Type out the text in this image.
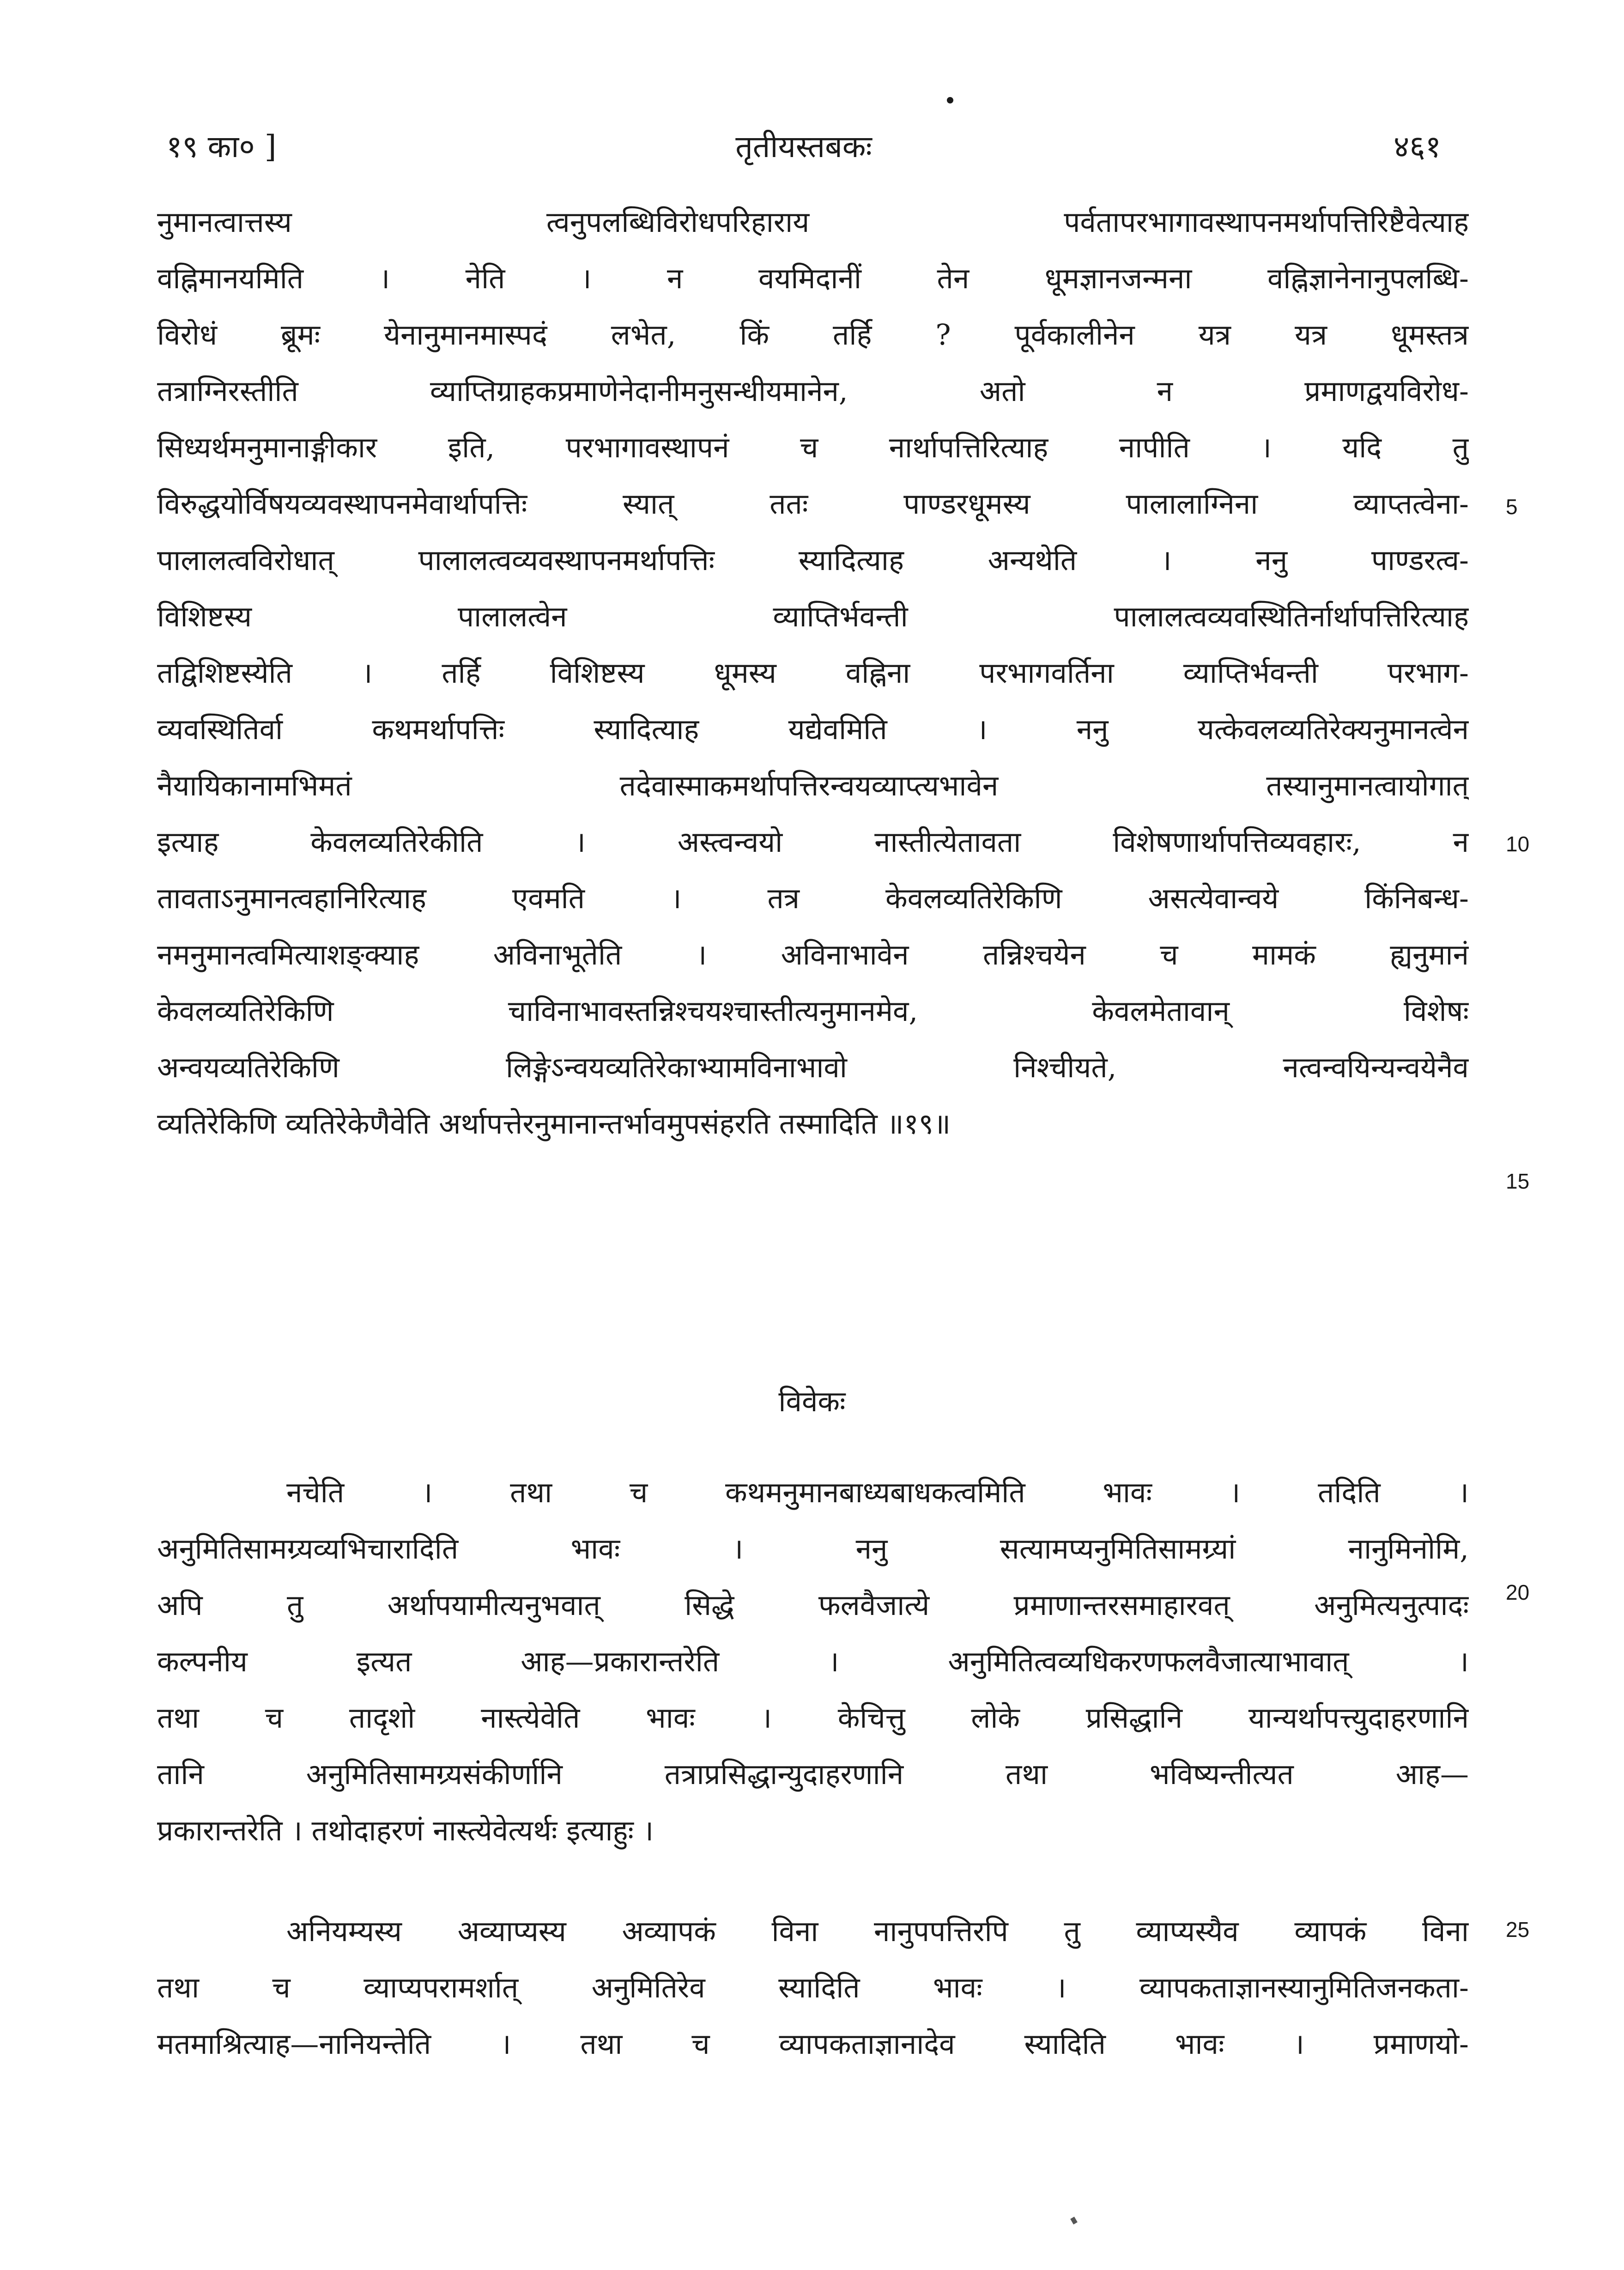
१९ का० ]	तृतीयस्तबकः	४६१
नुमानत्वात्तस्य त्वनुपलब्धिविरोधपरिहाराय पर्वतापरभागावस्थापनमर्थापत्तिरिष्टैवेत्याह
वह्निमानयमिति । नेति । न वयमिदानीं तेन धूमज्ञानजन्मना वह्निज्ञानेनानुपलब्धि-
विरोधं ब्रूमः येनानुमानमास्पदं लभेत, किं तर्हि ? पूर्वकालीनेन यत्र यत्र धूमस्तत्र
तत्राग्निरस्तीति व्याप्तिग्राहकप्रमाणेनेदानीमनुसन्धीयमानेन, अतो न प्रमाणद्वयविरोध-
सिध्यर्थमनुमानाङ्गीकार इति, परभागावस्थापनं च नार्थापत्तिरित्याह नापीति । यदि तु
विरुद्धयोर्विषयव्यवस्थापनमेवार्थापत्तिः स्यात् ततः पाण्डरधूमस्य पालालाग्निना व्याप्तत्वेना-
पालालत्वविरोधात् पालालत्वव्यवस्थापनमर्थापत्तिः स्यादित्याह अन्यथेति । ननु पाण्डरत्व-
विशिष्टस्य पालालत्वेन व्याप्तिर्भवन्ती पालालत्वव्यवस्थितिर्नार्थापत्तिरित्याह
तद्विशिष्टस्येति । तर्हि विशिष्टस्य धूमस्य वह्निना परभागवर्तिना व्याप्तिर्भवन्ती परभाग-
व्यवस्थितिर्वा कथमर्थापत्तिः स्यादित्याह यद्येवमिति । ननु यत्केवलव्यतिरेक्यनुमानत्वेन
नैयायिकानामभिमतं तदेवास्माकमर्थापत्तिरन्वयव्याप्त्यभावेन तस्यानुमानत्वायोगात्
इत्याह केवलव्यतिरेकीति । अस्त्वन्वयो नास्तीत्येतावता विशेषणार्थापत्तिव्यवहारः, न
तावताऽनुमानत्वहानिरित्याह एवमति । तत्र केवलव्यतिरेकिणि असत्येवान्वये किंनिबन्ध-
नमनुमानत्वमित्याशङ्क्याह अविनाभूतेति । अविनाभावेन तन्निश्चयेन च मामकं ह्यनुमानं
केवलव्यतिरेकिणि चाविनाभावस्तन्निश्चयश्चास्तीत्यनुमानमेव, केवलमेतावान् विशेषः
अन्वयव्यतिरेकिणि लिङ्गेऽन्वयव्यतिरेकाभ्यामविनाभावो निश्चीयते, नत्वन्वयिन्यन्वयेनैव
व्यतिरेकिणि व्यतिरेकेणैवेति अर्थापत्तेरनुमानान्तर्भावमुपसंहरति तस्मादिति ॥१९॥
विवेकः
नचेति । तथा च कथमनुमानबाध्यबाधकत्वमिति भावः । तदिति ।
अनुमितिसामग्र्यव्यभिचारादिति भावः । ननु सत्यामप्यनुमितिसामग्र्यां नानुमिनोमि,
अपि तु अर्थापयामीत्यनुभवात् सिद्धे फलवैजात्ये प्रमाणान्तरसमाहारवत् अनुमित्यनुत्पादः
कल्पनीय इत्यत आह—प्रकारान्तरेति । अनुमितित्वव्यधिकरणफलवैजात्याभावात् ।
तथा च तादृशो नास्त्येवेति भावः । केचित्तु लोके प्रसिद्धानि यान्यर्थापत्त्युदाहरणानि
तानि अनुमितिसामग्र्यसंकीर्णानि तत्राप्रसिद्धान्युदाहरणानि तथा भविष्यन्तीत्यत आह—
प्रकारान्तरेति । तथोदाहरणं नास्त्येवेत्यर्थः इत्याहुः ।
अनियम्यस्य अव्याप्यस्य अव्यापकं विना नानुपपत्तिरपि तु व्याप्यस्यैव व्यापकं विना
तथा च व्याप्यपरामर्शात् अनुमितिरेव स्यादिति भावः । व्यापकताज्ञानस्यानुमितिजनकता-
मतमाश्रित्याह—नानियन्तेति । तथा च व्यापकताज्ञानादेव स्यादिति भावः । प्रमाणयो-
5
10
15
20
25
